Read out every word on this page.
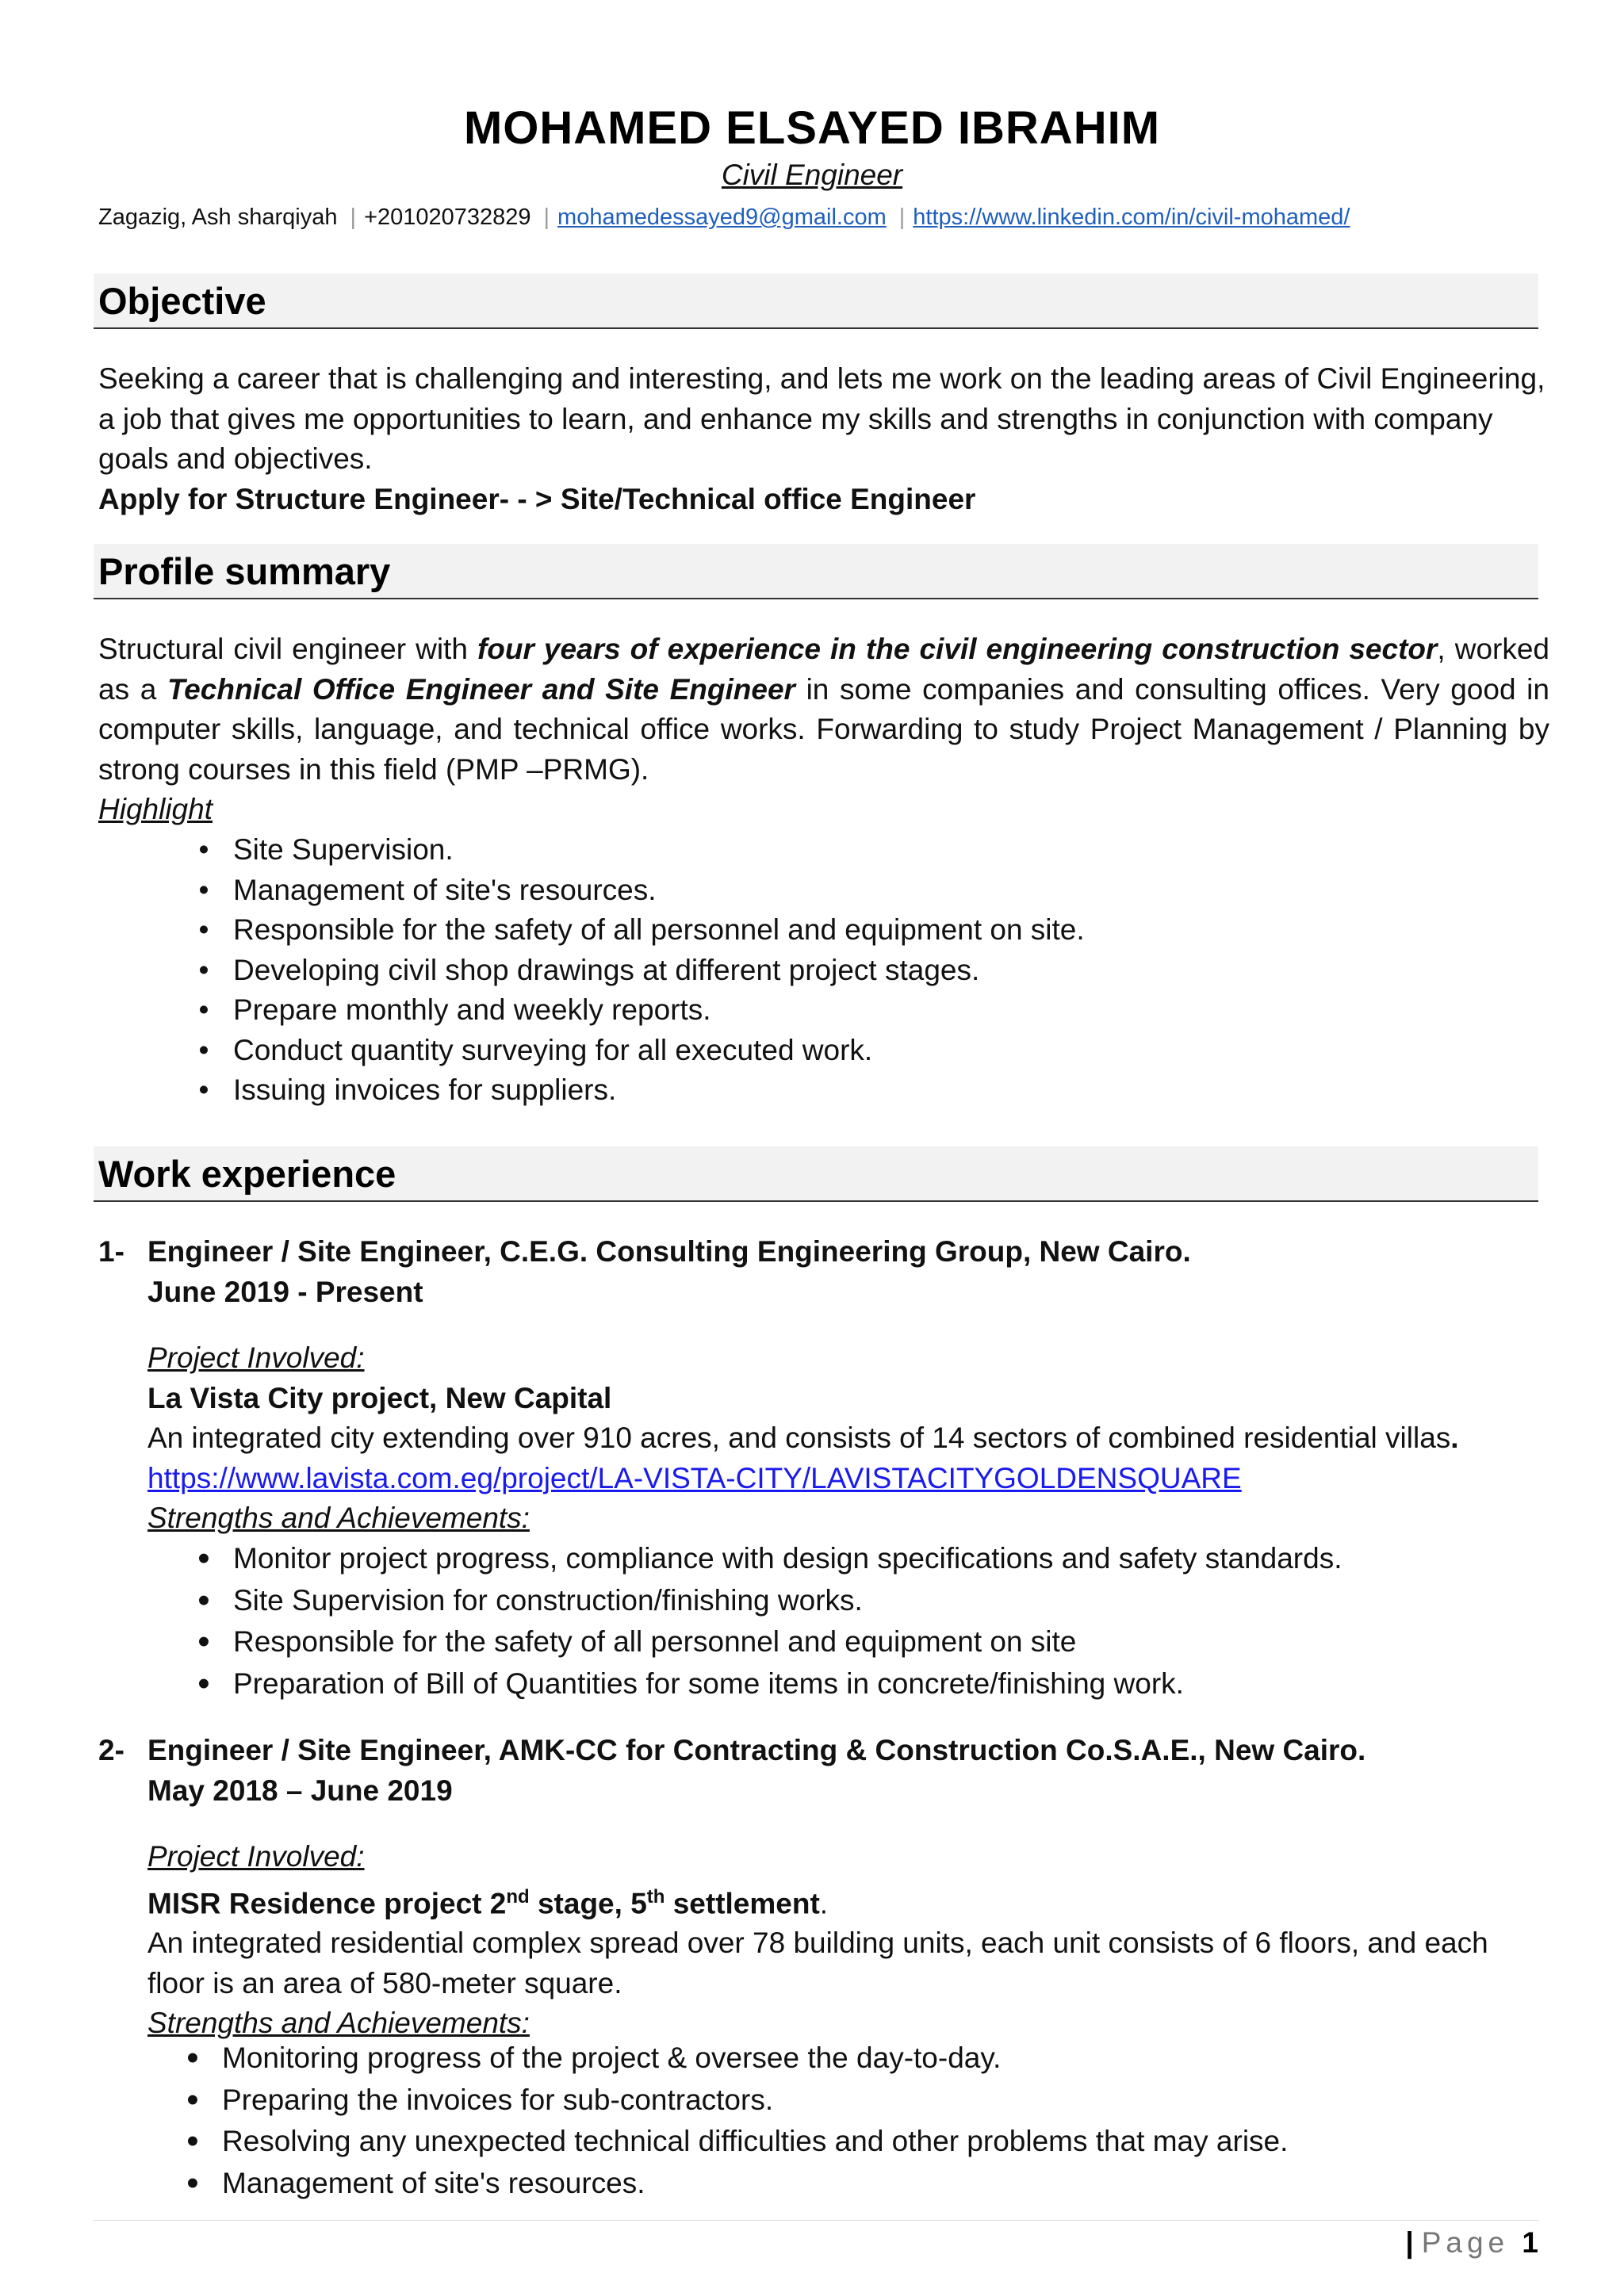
MOHAMED ELSAYED IBRAHIM

Civil Engineer

Zagazig, Ash sharqiyah | +201020732829 | mohamedessayed9@gmail.com | https://www.linkedin.com/in/civil-mohamed/
Objective
Seeking a career that is challenging and interesting, and lets me work on the leading areas of Civil Engineering,
a job that gives me opportunities to learn, and enhance my skills and strengths in conjunction with company
goals and objectives.
Apply for Structure Engineer- - > Site/Technical office Engineer
Profile summary

Structural civil engineer with four years of experience in the civil engineering construction sector, worked as a Technical Office Engineer and Site Engineer in some companies and consulting offices. Very good in computer skills, language, and technical office works. Forwarding to study Project Management / Planning by strong courses in this field (PMP –PRMG).

Highlight
• Site Supervision.
• Management of site's resources.
• Responsible for the safety of all personnel and equipment on site.
• Developing civil shop drawings at different project stages.
• Prepare monthly and weekly reports.
• Conduct quantity surveying for all executed work.
• Issuing invoices for suppliers.
Work experience
1- Engineer / Site Engineer, C.E.G. Consulting Engineering Group, New Cairo.
June 2019 - Present
Project Involved:
La Vista City project, New Capital
An integrated city extending over 910 acres, and consists of 14 sectors of combined residential villas.
https://www.lavista.com.eg/project/LA-VISTA-CITY/LAVISTACITYGOLDENSQUARE
Strengths and Achievements:
• Monitor project progress, compliance with design specifications and safety standards.
• Site Supervision for construction/finishing works.
• Responsible for the safety of all personnel and equipment on site
• Preparation of Bill of Quantities for some items in concrete/finishing work.
2- Engineer / Site Engineer, AMK-CC for Contracting & Construction Co.S.A.E., New Cairo.
May 2018 – June 2019
Project Involved:
MISR Residence project 2nd stage, 5th settlement.
An integrated residential complex spread over 78 building units, each unit consists of 6 floors, and each floor is an area of 580-meter square.
Strengths and Achievements:
• Monitoring progress of the project & oversee the day-to-day.
• Preparing the invoices for sub-contractors.
• Resolving any unexpected technical difficulties and other problems that may arise.
• Management of site's resources.
| Page 1
